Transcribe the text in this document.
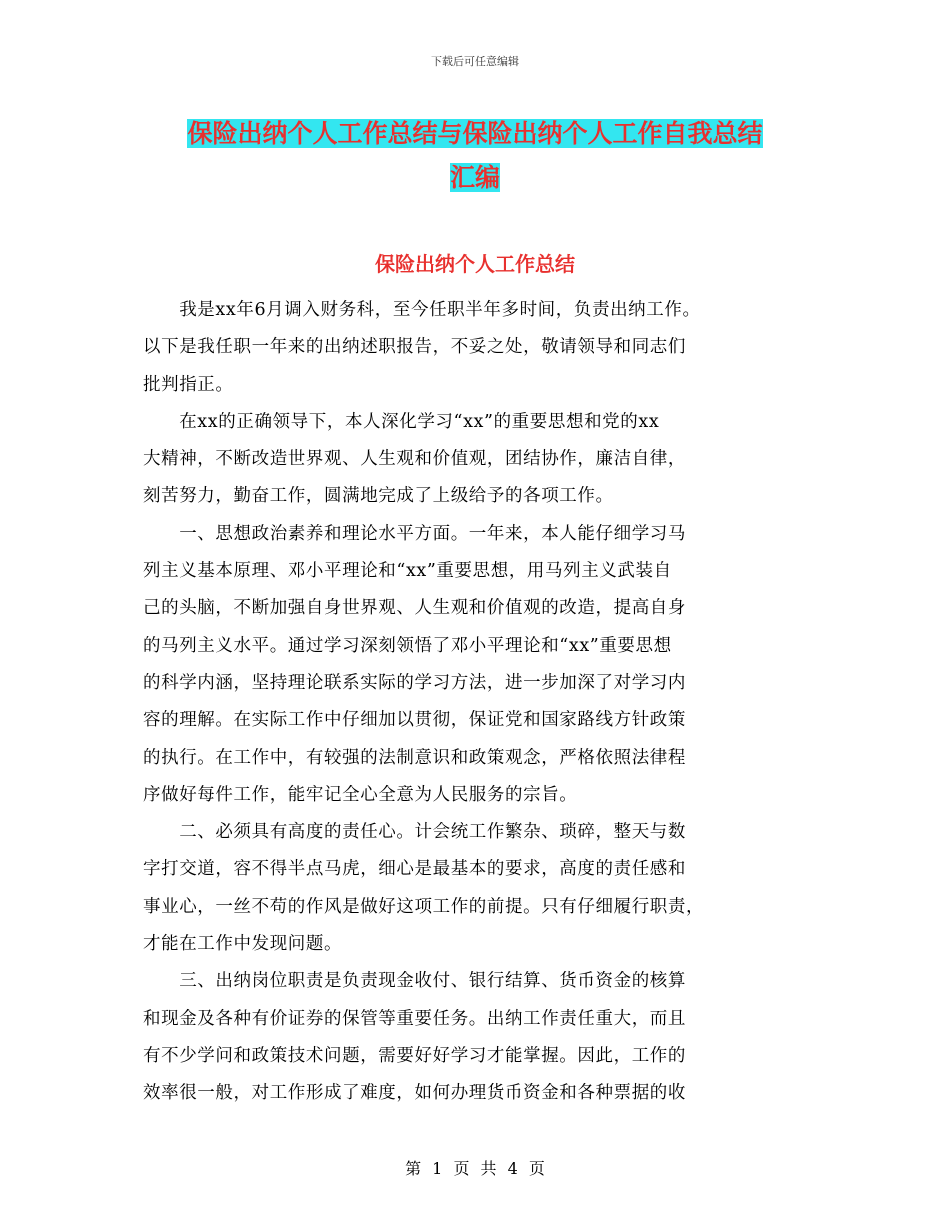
下载后可任意编辑
保险出纳个人工作总结与保险出纳个人工作自我总结
汇编
保险出纳个人工作总结
　　我是xx年6月调入财务科，至今任职半年多时间，负责出纳工作。
以下是我任职一年来的出纳述职报告，不妥之处，敬请领导和同志们
批判指正。
　　在xx的正确领导下，本人深化学习“xx”的重要思想和党的xx
大精神，不断改造世界观、人生观和价值观，团结协作，廉洁自律，
刻苦努力，勤奋工作，圆满地完成了上级给予的各项工作。
　　一、思想政治素养和理论水平方面。一年来，本人能仔细学习马
列主义基本原理、邓小平理论和“xx”重要思想，用马列主义武装自
己的头脑，不断加强自身世界观、人生观和价值观的改造，提高自身
的马列主义水平。通过学习深刻领悟了邓小平理论和“xx”重要思想
的科学内涵，坚持理论联系实际的学习方法，进一步加深了对学习内
容的理解。在实际工作中仔细加以贯彻，保证党和国家路线方针政策
的执行。在工作中，有较强的法制意识和政策观念，严格依照法律程
序做好每件工作，能牢记全心全意为人民服务的宗旨。
　　二、必须具有高度的责任心。计会统工作繁杂、琐碎，整天与数
字打交道，容不得半点马虎，细心是最基本的要求，高度的责任感和
事业心，一丝不苟的作风是做好这项工作的前提。只有仔细履行职责，
才能在工作中发现问题。
　　三、出纳岗位职责是负责现金收付、银行结算、货币资金的核算
和现金及各种有价证券的保管等重要任务。出纳工作责任重大，而且
有不少学问和政策技术问题，需要好好学习才能掌握。因此，工作的
效率很一般，对工作形成了难度，如何办理货币资金和各种票据的收
第 1 页 共 4 页
